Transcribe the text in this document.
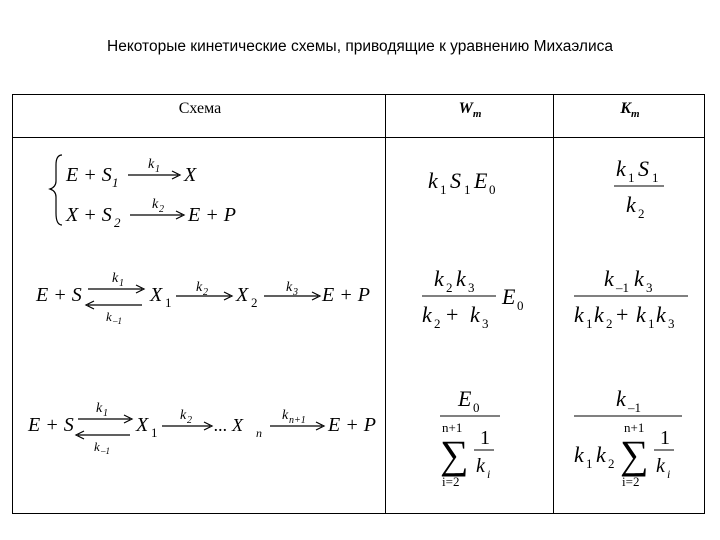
Некоторые кинетические схемы, приводящие к уравнению Михаэлиса
Схема	$W_m$	$K_m$
E + S 1
k 1 X
X + S 2
k 2 E + P
k 1 S 1 E 0
k 1 S 1
k 2
E + S
k 1
k –1
X 1
k 2 X 2
k 3 E + P
k 2 k 3
k 2 + k 3
E 0
k –1 k 3
k 1 k 2 + k 1 k 3
E + S
k 1
k –1
X 1
k 2 ... X n
k n+1 E + P
E 0
n+1
∑
i=2
1
k i
k –1
k 1 k 2
n+1
∑
i=2
1
k i
